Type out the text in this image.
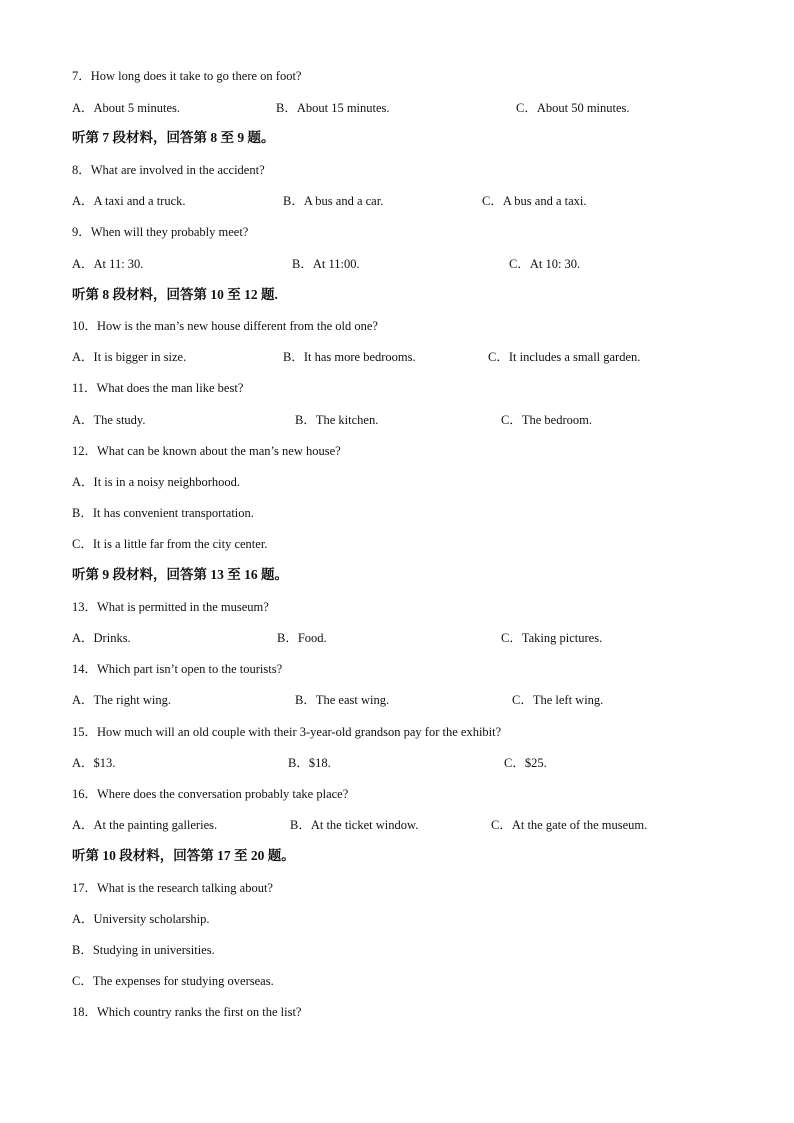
7．How long does it take to go there on foot?
A．About 5 minutes.	B．About 15 minutes.	C．About 50 minutes.
听第 7 段材料，回答第 8 至 9 题。
8．What are involved in the accident?
A．A taxi and a truck.	B．A bus and a car.	C．A bus and a taxi.
9．When will they probably meet?
A．At 11: 30.	B．At 11:00.	C．At 10: 30.
听第 8 段材料，回答第 10 至 12 题.
10．How is the man’s new house different from the old one?
A．It is bigger in size.	B．It has more bedrooms.	C．It includes a small garden.
11．What does the man like best?
A．The study.	B．The kitchen.	C．The bedroom.
12．What can be known about the man’s new house?
A．It is in a noisy neighborhood.
B．It has convenient transportation.
C．It is a little far from the city center.
听第 9 段材料，回答第 13 至 16 题。
13．What is permitted in the museum?
A．Drinks.	B．Food.	C．Taking pictures.
14．Which part isn’t open to the tourists?
A．The right wing.	B．The east wing.	C．The left wing.
15．How much will an old couple with their 3-year-old grandson pay for the exhibit?
A．$13.	B．$18.	C．$25.
16．Where does the conversation probably take place?
A．At the painting galleries.	B．At the ticket window.	C．At the gate of the museum.
听第 10 段材料，回答第 17 至 20 题。
17．What is the research talking about?
A．University scholarship.
B．Studying in universities.
C．The expenses for studying overseas.
18．Which country ranks the first on the list?
